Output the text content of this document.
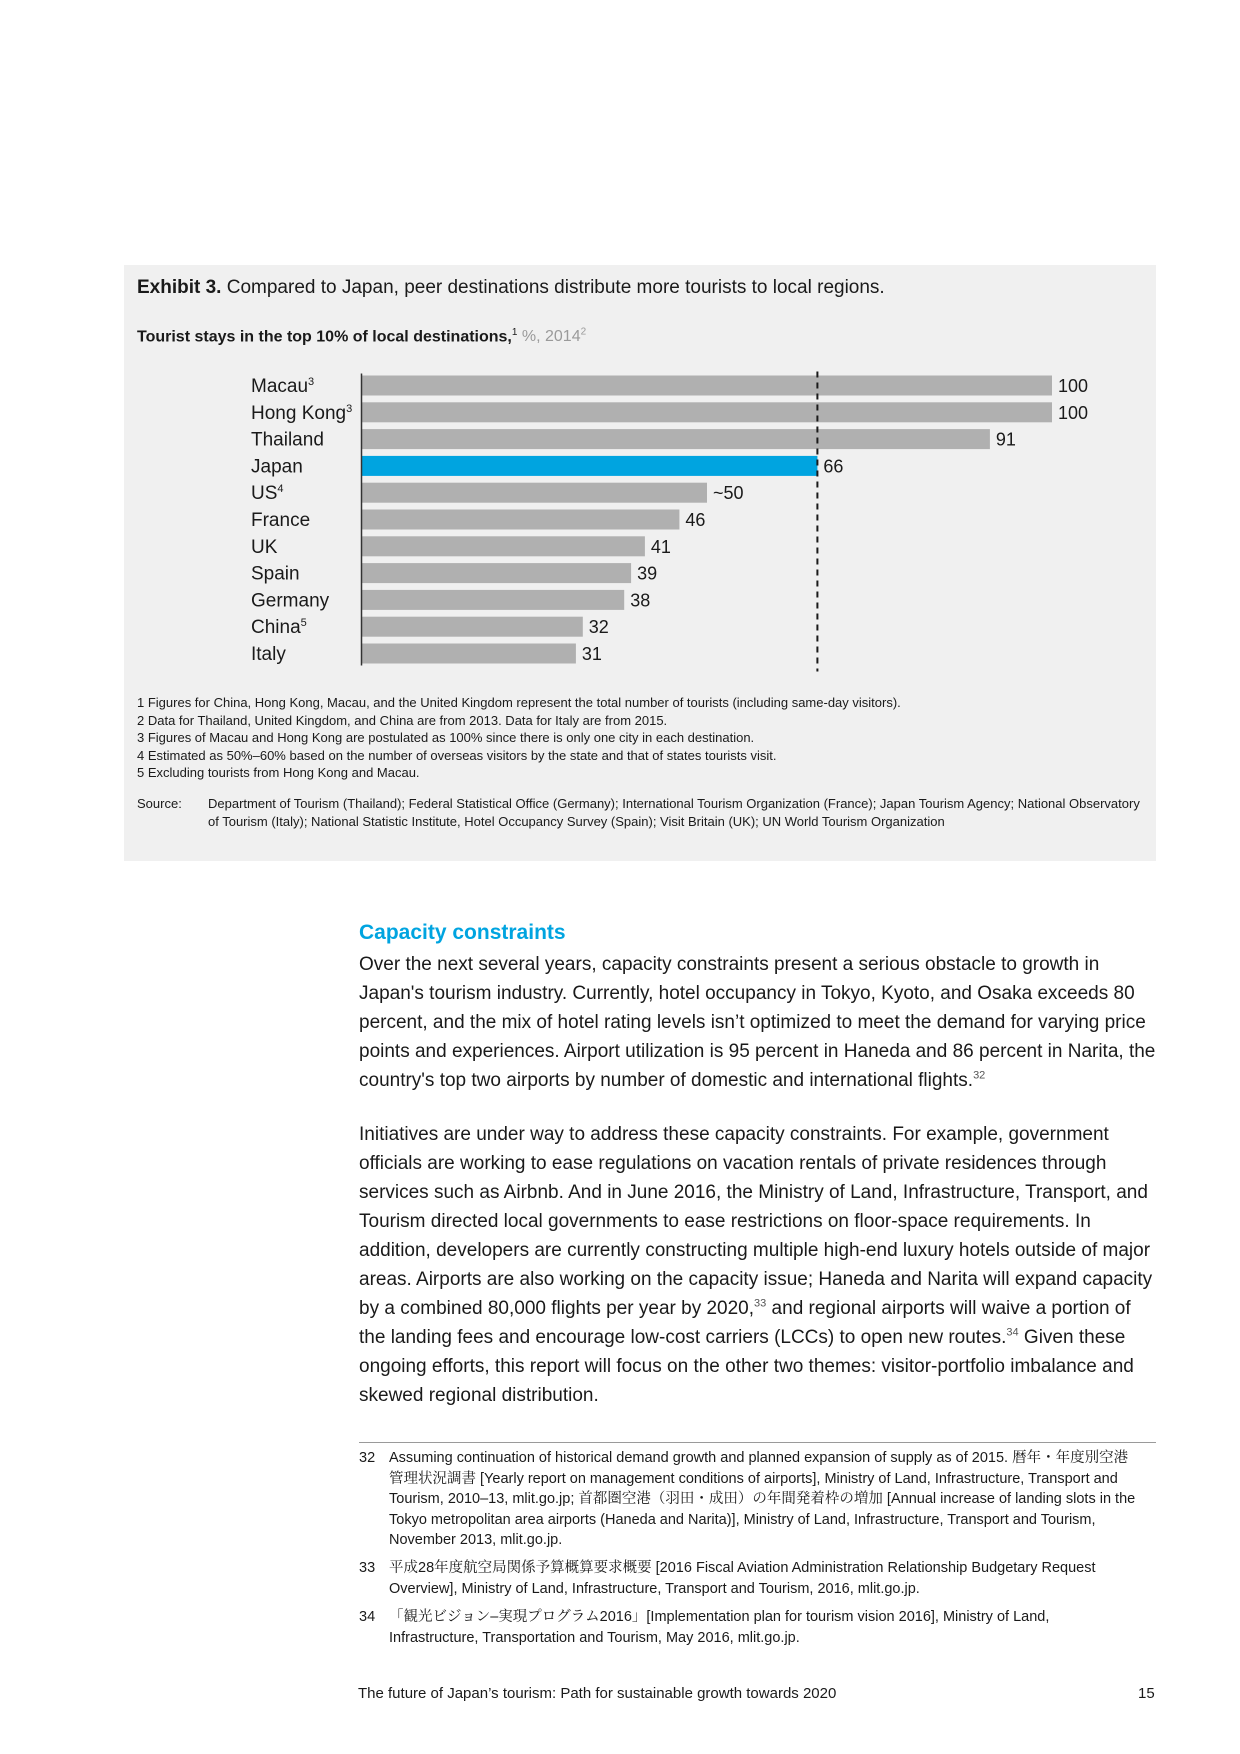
Exhibit 3. Compared to Japan, peer destinations distribute more tourists to local regions.
Tourist stays in the top 10% of local destinations,$^1$ %, 2014$^2$
Macau$^3$	100
Hong Kong$^3$	100
Thailand	91
Japan	66
$US^4$	~50
France	46
UK	41
Spain	39
Germany	38
China$^5$	32
Italy	31
1 Figures for China, Hong Kong, Macau, and the United Kingdom represent the total number of tourists (including same-day visitors).
2 Data for Thailand, United Kingdom, and China are from 2013. Data for Italy are from 2015.
3 Figures of Macau and Hong Kong are postulated as 100% since there is only one city in each destination.
4 Estimated as 50%–60% based on the number of overseas visitors by the state and that of states tourists visit.
5 Excluding tourists from Hong Kong and Macau.
Source: Department of Tourism (Thailand); Federal Statistical Office (Germany); International Tourism Organization (France); Japan Tourism Agency; National Observatory of Tourism (Italy); National Statistic Institute, Hotel Occupancy Survey (Spain); Visit Britain (UK); UN World Tourism Organization
Capacity constraints

Over the next several years, capacity constraints present a serious obstacle to growth in Japan's tourism industry. Currently, hotel occupancy in Tokyo, Kyoto, and Osaka exceeds 80 percent, and the mix of hotel rating levels isn’t optimized to meet the demand for varying price points and experiences. Airport utilization is 95 percent in Haneda and 86 percent in Narita, the country's top two airports by number of domestic and international flights.$^{32}$

Initiatives are under way to address these capacity constraints. For example, government officials are working to ease regulations on vacation rentals of private residences through services such as Airbnb. And in June 2016, the Ministry of Land, Infrastructure, Transport, and Tourism directed local governments to ease restrictions on floor-space requirements. In addition, developers are currently constructing multiple high-end luxury hotels outside of major areas. Airports are also working on the capacity issue; Haneda and Narita will expand capacity by a combined 80,000 flights per year by 2020,33 and regional airports will waive a portion of the landing fees and encourage low-cost carriers (LCCs) to open new routes.$^{34}$ Given these ongoing efforts, this report will focus on the other two themes: visitor-portfolio imbalance and skewed regional distribution.

32 Assuming continuation of historical demand growth and planned expansion of supply as of 2015. 暦年・年度別空港管理状況調書 [Yearly report on management conditions of airports], Ministry of Land, Infrastructure, Transport and Tourism, 2010–13, mlit.go.jp; 首都圏空港（羽田・成田）の年間発着枠の増加 [Annual increase of landing slots in the Tokyo metropolitan area airports (Haneda and Narita)], Ministry of Land, Infrastructure, Transport and Tourism, November 2013, mlit.go.jp.
33 平成28年度航空局関係予算概算要求概要 [2016 Fiscal Aviation Administration Relationship Budgetary Request Overview], Ministry of Land, Infrastructure, Transport and Tourism, 2016, mlit.go.jp.
34 「観光ビジョン–実現プログラム2016」[Implementation plan for tourism vision 2016], Ministry of Land, Infrastructure, Transportation and Tourism, May 2016, mlit.go.jp.
The future of Japan’s tourism: Path for sustainable growth towards 2020	15
